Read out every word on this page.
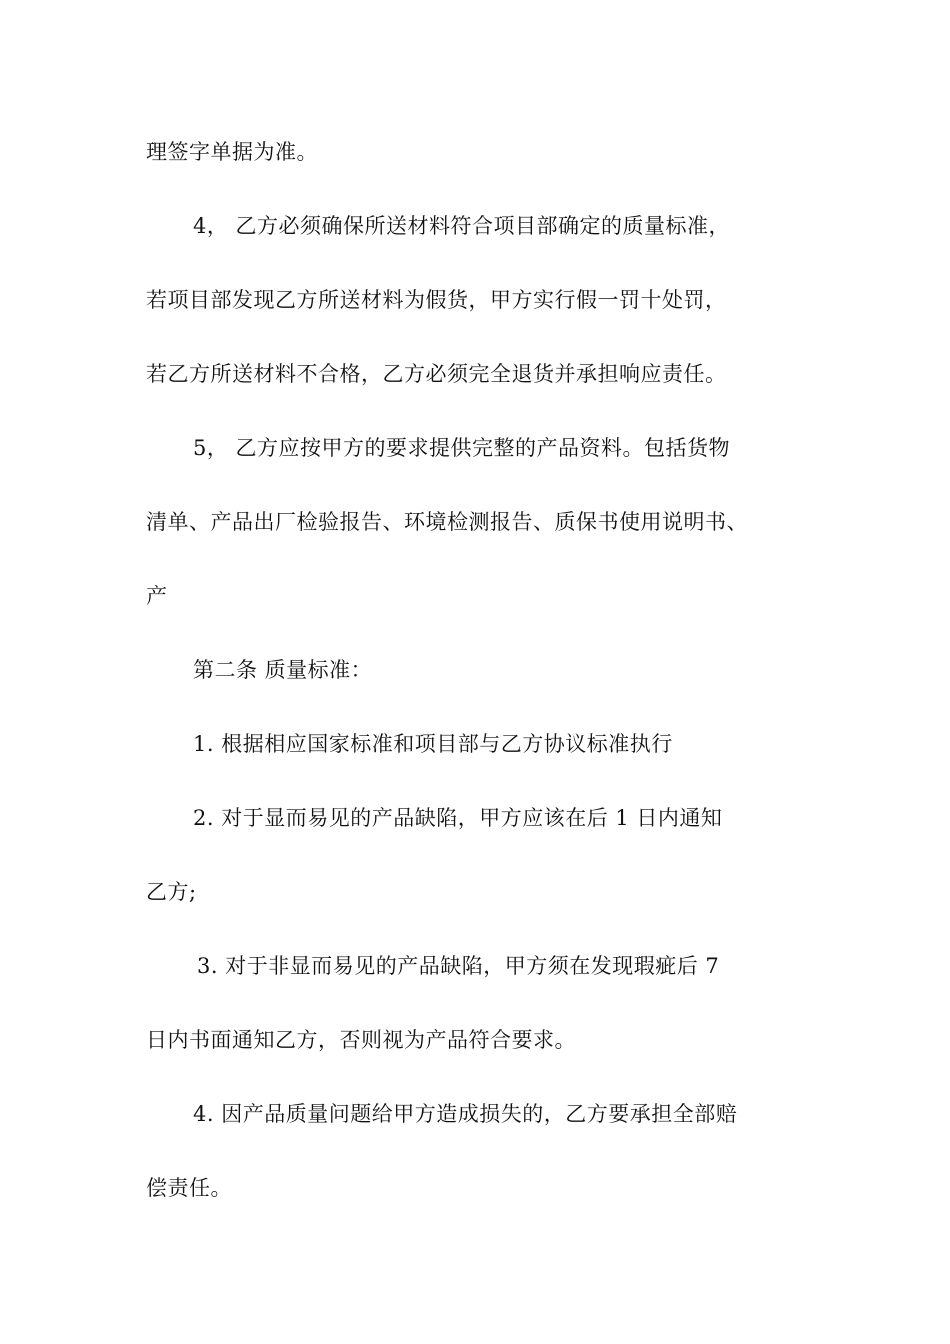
理签字单据为准。
4， 乙方必须确保所送材料符合项目部确定的质量标准，
若项目部发现乙方所送材料为假货，甲方实行假一罚十处罚，
若乙方所送材料不合格，乙方必须完全退货并承担响应责任。
5， 乙方应按甲方的要求提供完整的产品资料。包括货物
清单、产品出厂检验报告、环境检测报告、质保书使用说明书、
产
第二条 质量标准：
1. 根据相应国家标准和项目部与乙方协议标准执行
2. 对于显而易见的产品缺陷，甲方应该在后 1 日内通知
乙方;
3. 对于非显而易见的产品缺陷，甲方须在发现瑕疵后 7
日内书面通知乙方，否则视为产品符合要求。
4. 因产品质量问题给甲方造成损失的，乙方要承担全部赔
偿责任。
